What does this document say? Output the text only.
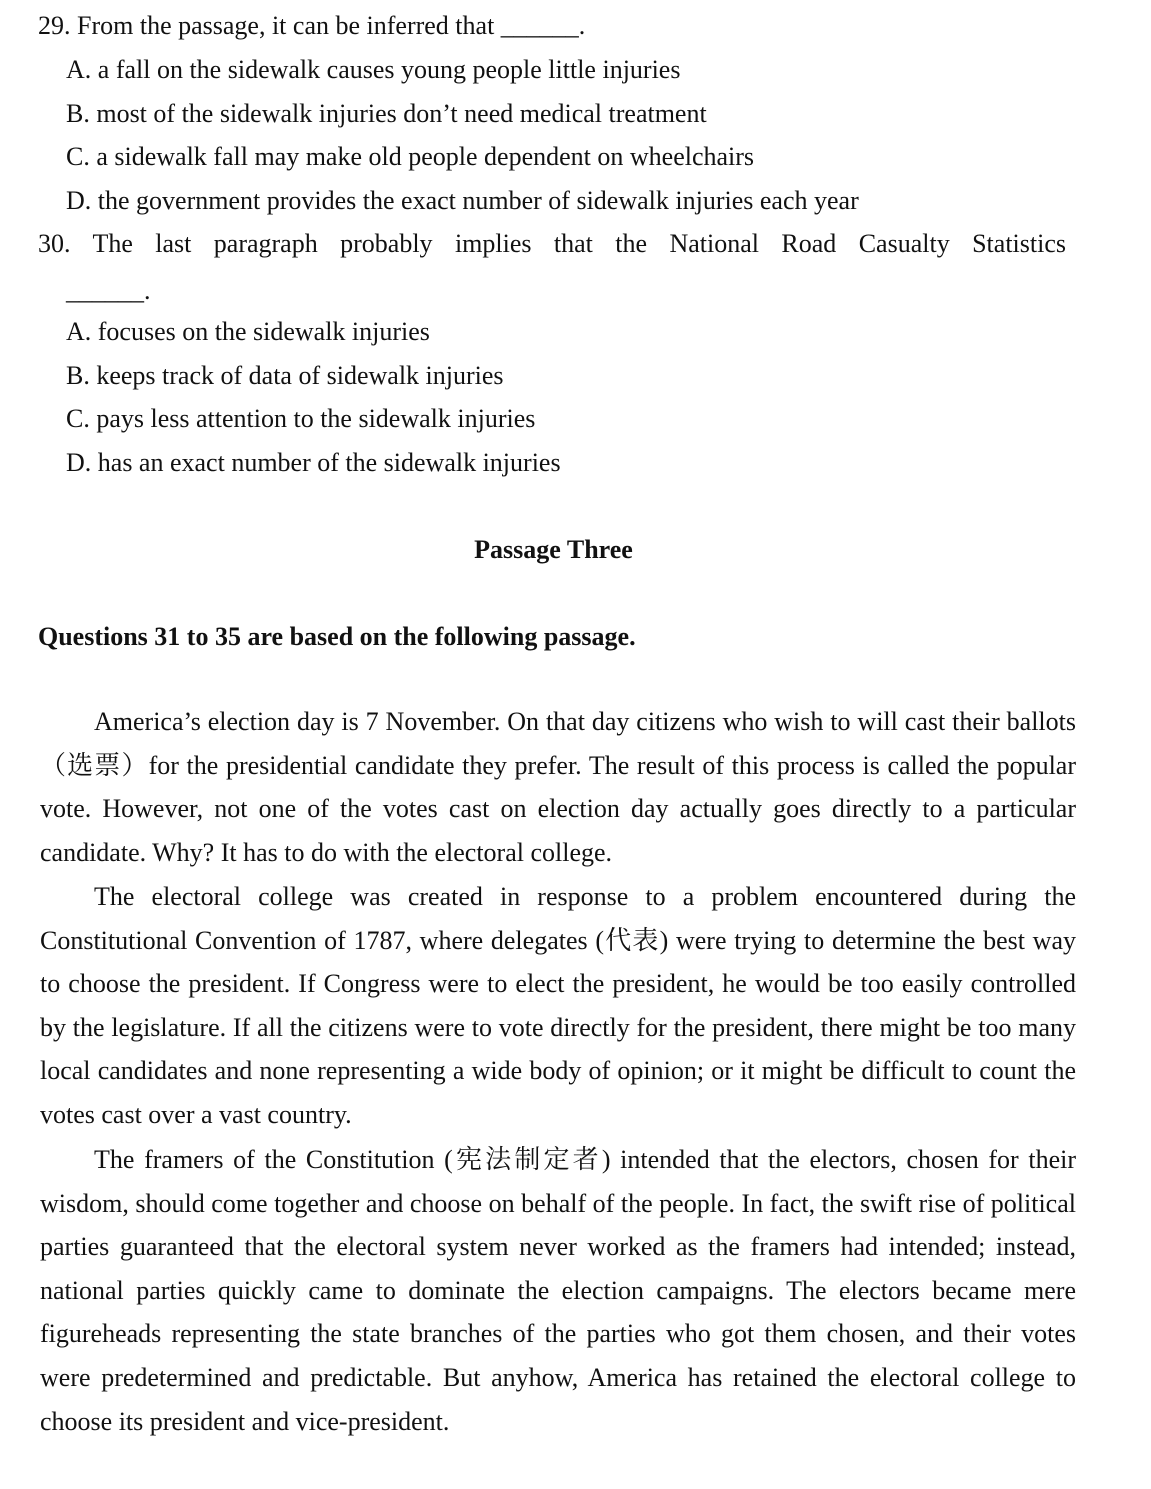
29. From the passage, it can be inferred that ______.
A. a fall on the sidewalk causes young people little injuries
B. most of the sidewalk injuries don’t need medical treatment
C. a sidewalk fall may make old people dependent on wheelchairs
D. the government provides the exact number of sidewalk injuries each year
30. The last paragraph probably implies that the National Road Casualty Statistics
______.
A. focuses on the sidewalk injuries
B. keeps track of data of sidewalk injuries
C. pays less attention to the sidewalk injuries
D. has an exact number of the sidewalk injuries
Passage Three
Questions 31 to 35 are based on the following passage.

America’s election day is 7 November. On that day citizens who wish to will cast their ballots（选票）for the presidential candidate they prefer. The result of this process is called the popular vote. However, not one of the votes cast on election day actually goes directly to a particular candidate. Why? It has to do with the electoral college.

The electoral college was created in response to a problem encountered during the Constitutional Convention of 1787, where delegates (代表) were trying to determine the best way to choose the president. If Congress were to elect the president, he would be too easily controlled by the legislature. If all the citizens were to vote directly for the president, there might be too many local candidates and none representing a wide body of opinion; or it might be difficult to count the votes cast over a vast country.

The framers of the Constitution (宪法制定者) intended that the electors, chosen for their wisdom, should come together and choose on behalf of the people. In fact, the swift rise of political parties guaranteed that the electoral system never worked as the framers had intended; instead, national parties quickly came to dominate the election campaigns. The electors became mere figureheads representing the state branches of the parties who got them chosen, and their votes were predetermined and predictable. But anyhow, America has retained the electoral college to choose its president and vice-president.
